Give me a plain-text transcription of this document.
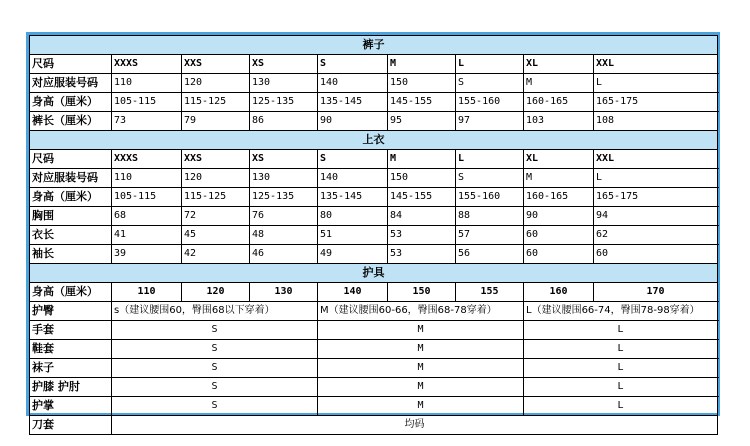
裤子								
尺码	XXXS	XXS	XS	S	M	L	XL	XXL
对应服装号码	110	120	130	140	150	S	M	L
身高（厘米）	105-115	115-125	125-135	135-145	145-155	155-160	160-165	165-175
裤长（厘米）	73	79	86	90	95	97	103	108
上衣								
尺码	XXXS	XXS	XS	S	M	L	XL	XXL
对应服装号码	110	120	130	140	150	S	M	L
身高（厘米）	105-115	115-125	125-135	135-145	145-155	155-160	160-165	165-175
胸围	68	72	76	80	84	88	90	94
衣长	41	45	48	51	53	57	60	62
袖长	39	42	46	49	53	56	60	60
护具								
身高（厘米）	110	120	130	140	150	155	160	170
护臀	s（建议腰围60，臀围68以下穿着）			M（建议腰围60-66，臀围68-78穿着）			L（建议腰围66-74，臀围78-98穿着）	
手套	S			M			L	
鞋套	S			M			L	
袜子	S			M			L	
护膝 护肘	S			M			L	
护掌	S			M			L	
刀套	均码							
